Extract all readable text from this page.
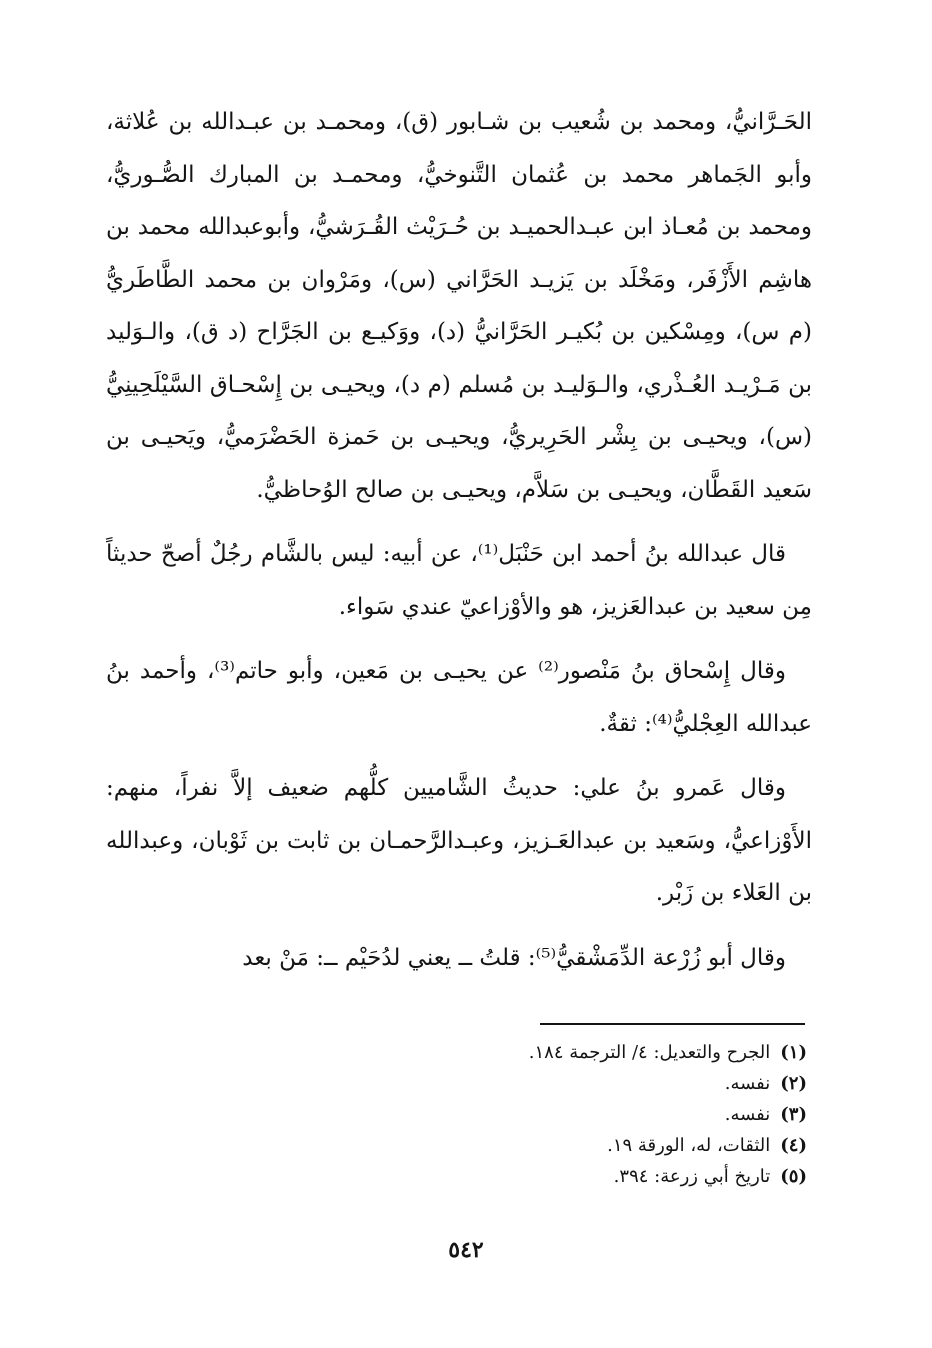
الحَـرَّانيُّ، ومحمد بن شُعيب بن شـابور (ق)، ومحمـد بن عبـدالله بن عُلاثة، وأبو الجَماهر محمد بن عُثمان التَّنوخيُّ، ومحمـد بن المبارك الصُّـوريُّ، ومحمد بن مُعـاذ ابن عبـدالحميـد بن حُـرَيْث القُـرَشيُّ، وأبوعبدالله محمد بن هاشِم الأَزْفَر، ومَخْلَد بن يَزيـد الحَرَّاني (س)، ومَرْوان بن محمد الطَّاطَريُّ (م س)، ومِسْكين بن بُكيـر الحَرَّانيُّ (د)، ووَكيـع بن الجَرَّاح (د ق)، والـوَليد بن مَـرْيـد العُـذْري، والـوَليـد بن مُسلم (م د)، ويحيـى بن إِسْحـاق السَّيْلَحِينِيُّ (س)، ويحيـى بن بِشْر الحَرِيريُّ، ويحيـى بن حَمزة الحَضْرَميُّ، ويَحيـى بن سَعيد القَطَّان، ويحيـى بن سَلاَّم، ويحيـى بن صالح الوُحاظيُّ.

قال عبدالله بنُ أحمد ابن حَنْبَل⁽¹⁾، عن أبيه: ليس بالشَّام رجُلٌ أصحّ حديثاً مِن سعيد بن عبدالعَزيز، هو والأوْزاعيّ عندي سَواء.

وقال إِسْحاق بنُ مَنْصور⁽²⁾ عن يحيـى بن مَعين، وأبو حاتم⁽³⁾، وأحمد بنُ عبدالله العِجْليُّ⁽⁴⁾: ثقةٌ.

وقال عَمرو بنُ علي: حديثُ الشَّاميين كلُّهم ضعيف إلاَّ نفراً، منهم: الأَوْزاعيُّ، وسَعيد بن عبدالعَـزيز، وعبـدالرَّحمـان بن ثابت بن ثَوْبان، وعبدالله بن العَلاء بن زَبْر.

وقال أبو زُرْعة الدِّمَشْقيُّ⁽⁵⁾: قلتُ ــ يعني لدُحَيْم ــ: مَنْ بعد

(١)الجرح والتعديل: ٤/ الترجمة ١٨٤.
(٢)نفسه.
(٣)نفسه.
(٤)الثقات، له، الورقة ١٩.
(٥)تاريخ أبي زرعة: ٣٩٤.
٥٤٢
